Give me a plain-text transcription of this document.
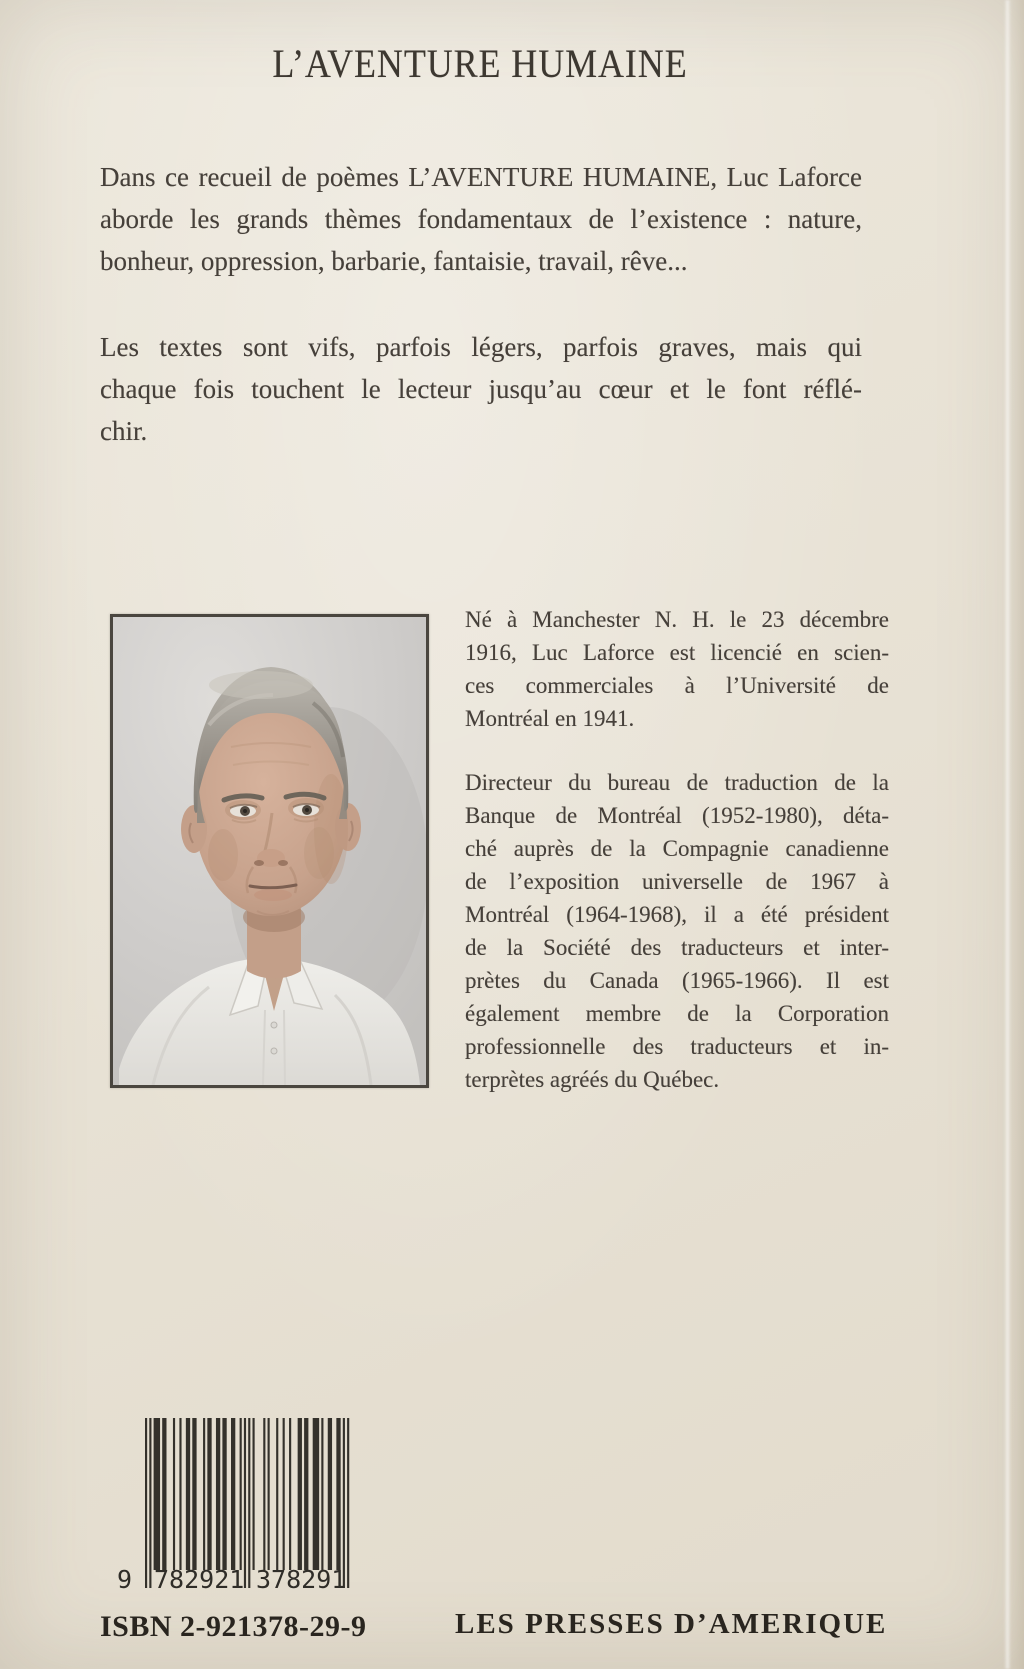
L’AVENTURE HUMAINE
Dans ce recueil de poèmes L’AVENTURE HUMAINE, Luc Laforce
aborde les grands thèmes fondamentaux de l’existence : nature,
bonheur, oppression, barbarie, fantaisie, travail, rêve...
Les textes sont vifs, parfois légers, parfois graves, mais qui
chaque fois touchent le lecteur jusqu’au cœur et le font réflé-
chir.
Né à Manchester N. H. le 23 décembre
1916, Luc Laforce est licencié en scien-
ces commerciales à l’Université de
Montréal en 1941.
Directeur du bureau de traduction de la
Banque de Montréal (1952-1980), déta-
ché auprès de la Compagnie canadienne
de l’exposition universelle de 1967 à
Montréal (1964-1968), il a été président
de la Société des traducteurs et inter-
prètes du Canada (1965-1966). Il est
également membre de la Corporation
professionnelle des traducteurs et in-
terprètes agréés du Québec.
9 782921 378291
ISBN 2-921378-29-9	LES PRESSES D’AMERIQUE
